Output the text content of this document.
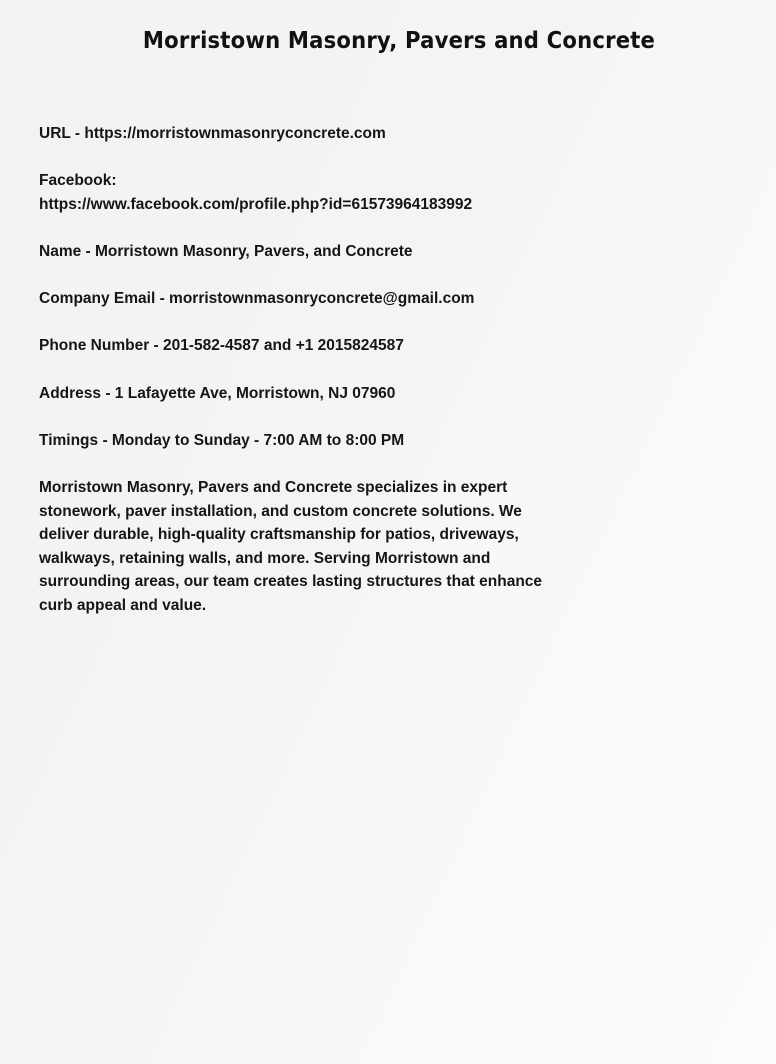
Morristown Masonry, Pavers and Concrete

URL - https://morristownmasonryconcrete.com

Facebook:
https://www.facebook.com/profile.php?id=61573964183992

Name - Morristown Masonry, Pavers, and Concrete

Company Email - morristownmasonryconcrete@gmail.com

Phone Number - 201-582-4587 and +1 2015824587

Address - 1 Lafayette Ave, Morristown, NJ 07960

Timings - Monday to Sunday - 7:00 AM to 8:00 PM

Morristown Masonry, Pavers and Concrete specializes in expert stonework, paver installation, and custom concrete solutions. We deliver durable, high-quality craftsmanship for patios, driveways, walkways, retaining walls, and more. Serving Morristown and surrounding areas, our team creates lasting structures that enhance curb appeal and value.
